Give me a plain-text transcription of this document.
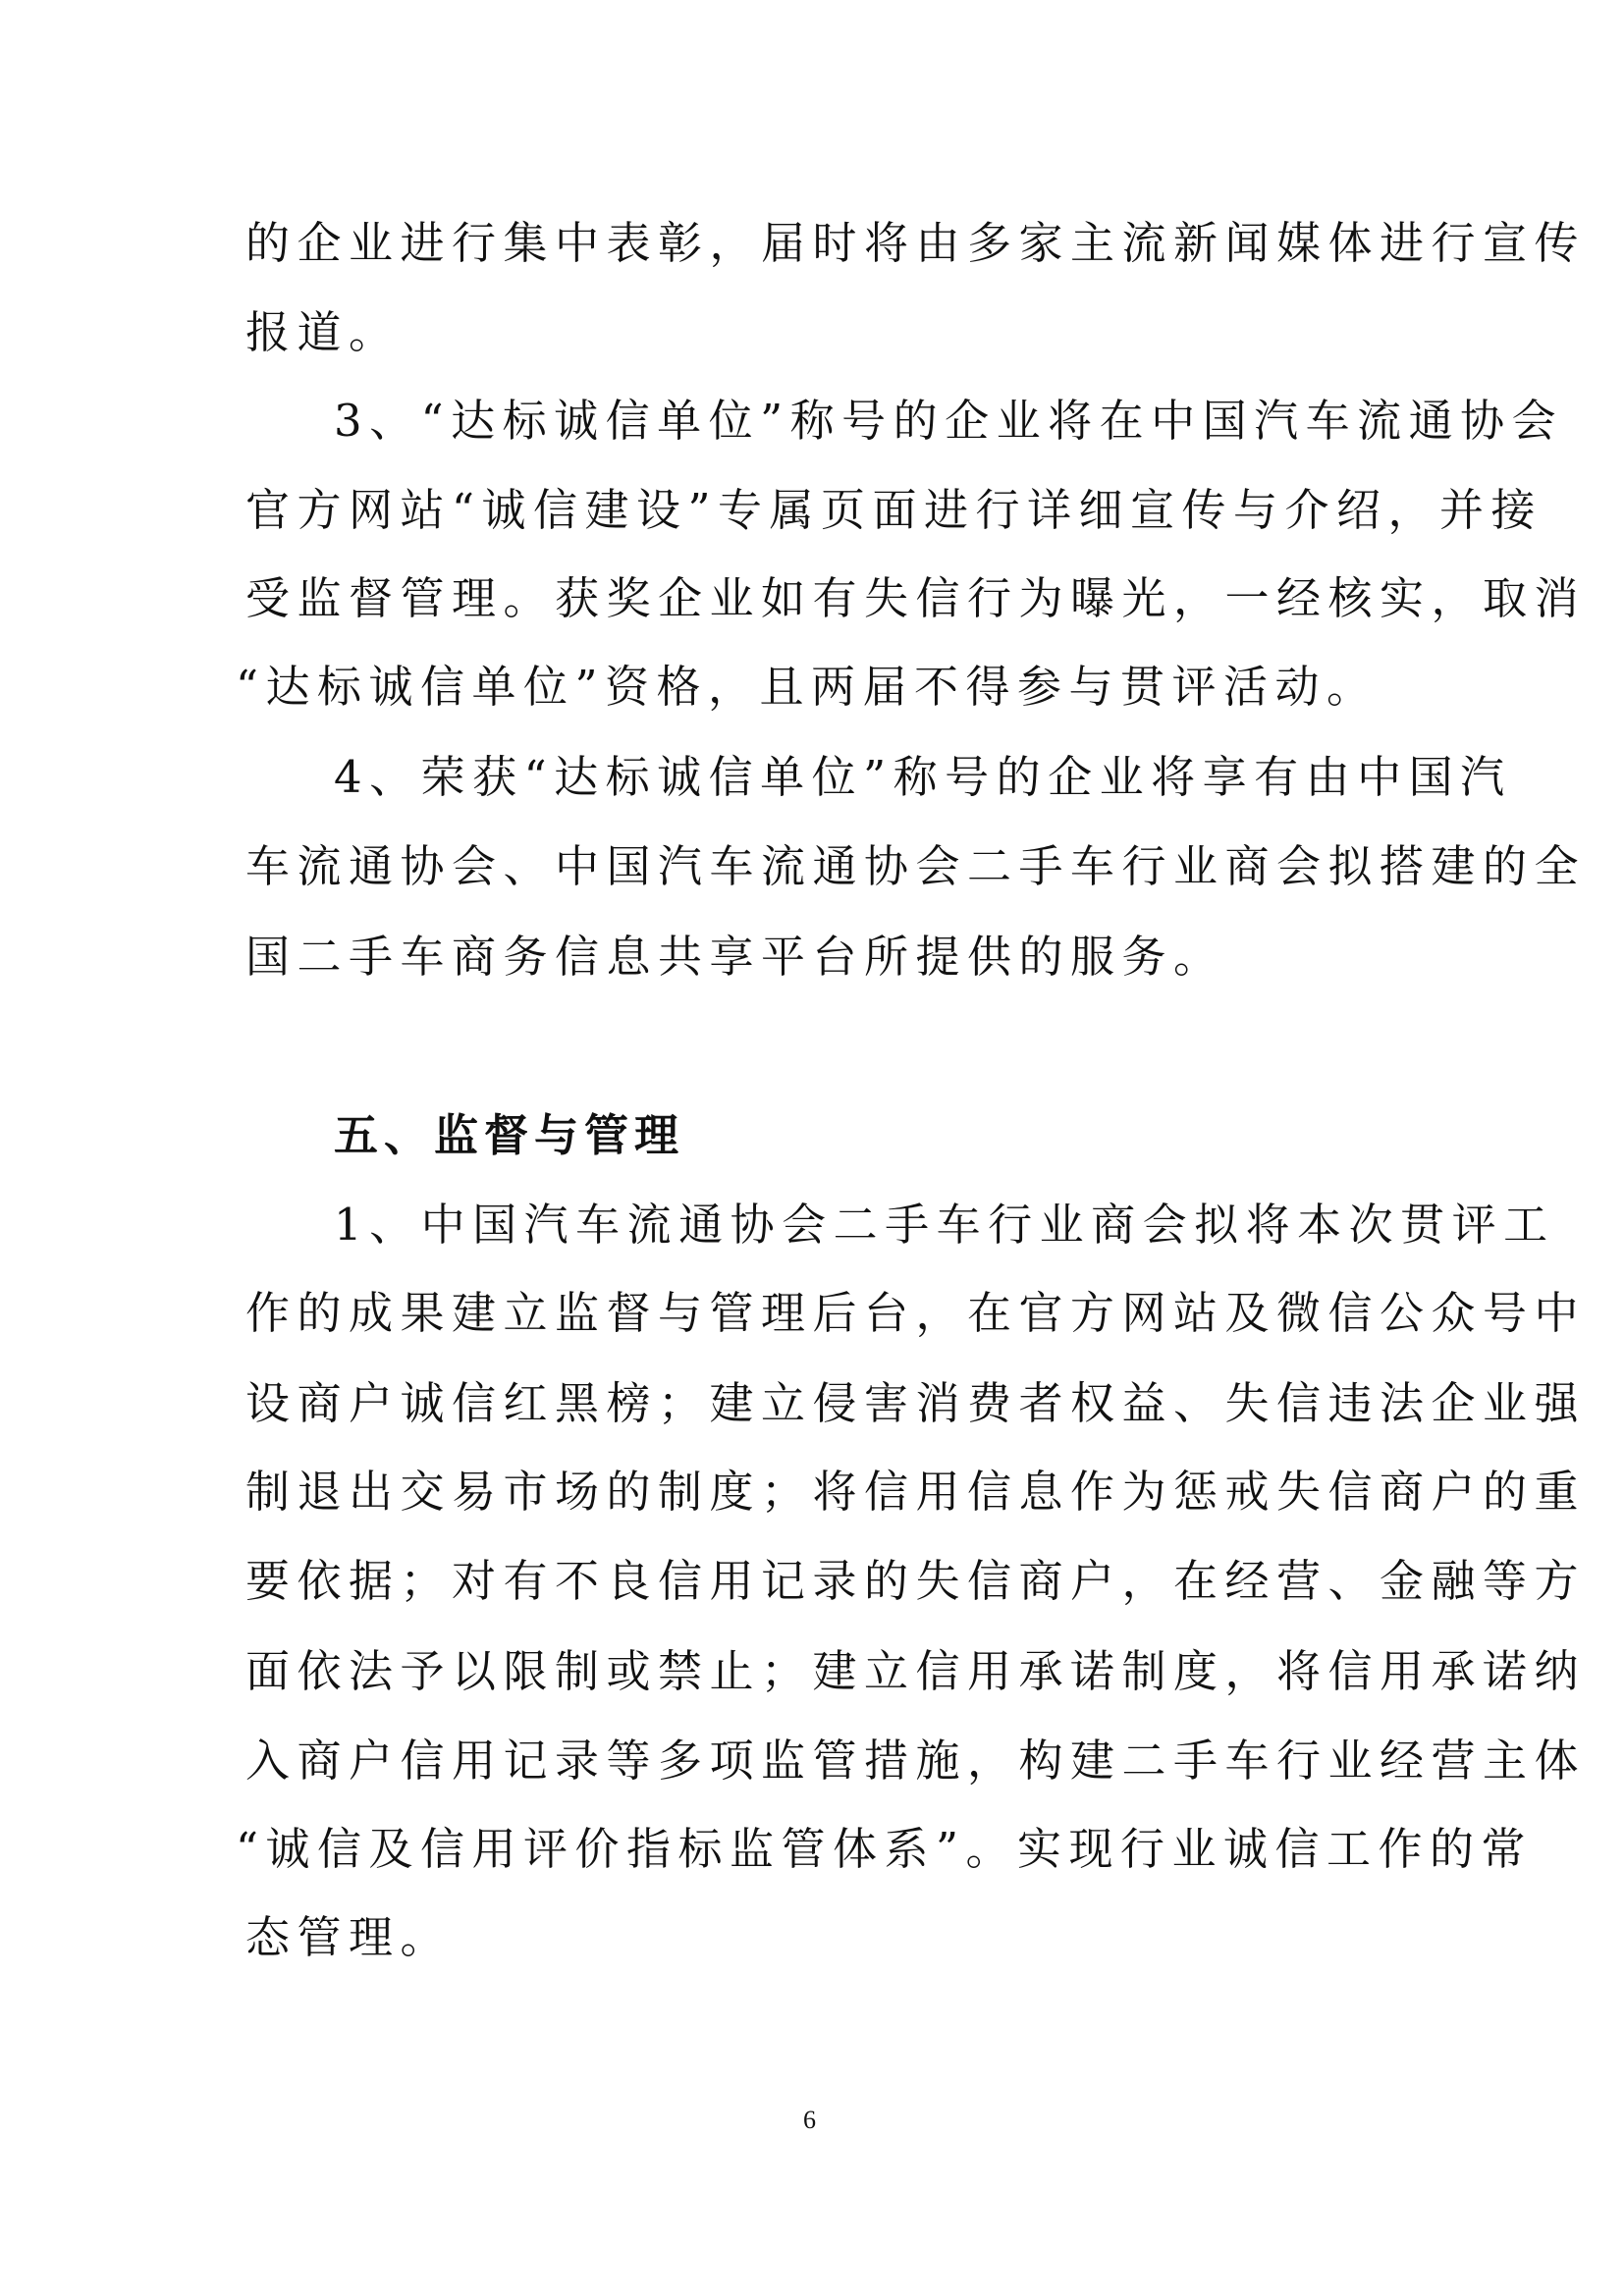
的企业进行集中表彰，届时将由多家主流新闻媒体进行宣传
报道。
3、“达标诚信单位”称号的企业将在中国汽车流通协会
官方网站“诚信建设”专属页面进行详细宣传与介绍，并接
受监督管理。获奖企业如有失信行为曝光，一经核实，取消
“达标诚信单位”资格，且两届不得参与贯评活动。
4、荣获“达标诚信单位”称号的企业将享有由中国汽
车流通协会、中国汽车流通协会二手车行业商会拟搭建的全
国二手车商务信息共享平台所提供的服务。
五、监督与管理
1、中国汽车流通协会二手车行业商会拟将本次贯评工
作的成果建立监督与管理后台，在官方网站及微信公众号中
设商户诚信红黑榜；建立侵害消费者权益、失信违法企业强
制退出交易市场的制度；将信用信息作为惩戒失信商户的重
要依据；对有不良信用记录的失信商户，在经营、金融等方
面依法予以限制或禁止；建立信用承诺制度，将信用承诺纳
入商户信用记录等多项监管措施，构建二手车行业经营主体
“诚信及信用评价指标监管体系”。实现行业诚信工作的常
态管理。
6
